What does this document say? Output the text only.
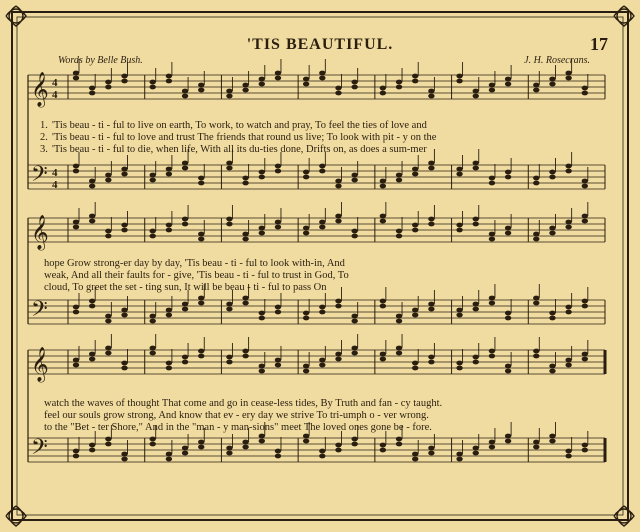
𝄞 4
4
𝄢 4
4
𝄞
𝄢
𝄞
𝄢
'TIS BEAUTIFUL.	17
Words by Belle Bush.	J. H. Rosecrans.
1. 'Tis beau - ti - ful to live on earth, To work, to watch and pray, To feel the ties of love and
2. 'Tis beau - ti - ful to love and trust The friends that round us live; To look with pit - y on the
3. 'Tis beau - ti - ful to die, when life, With all its du-ties done, Drifts on, as does a sum-mer
hope Grow strong-er day by day, 'Tis beau - ti - ful to look with-in, And
weak, And all their faults for - give, 'Tis beau - ti - ful to trust in God, To
cloud, To greet the set - ting sun, It will be beau - ti - ful to pass On
watch the waves of thought That come and go in cease-less tides, By Truth and fan - cy taught.
feel our souls grow strong, And know that ev - ery day we strive To tri-umph o - ver wrong.
to the "Bet - ter Shore," And in the "man - y man-sions" meet The loved ones gone be - fore.
